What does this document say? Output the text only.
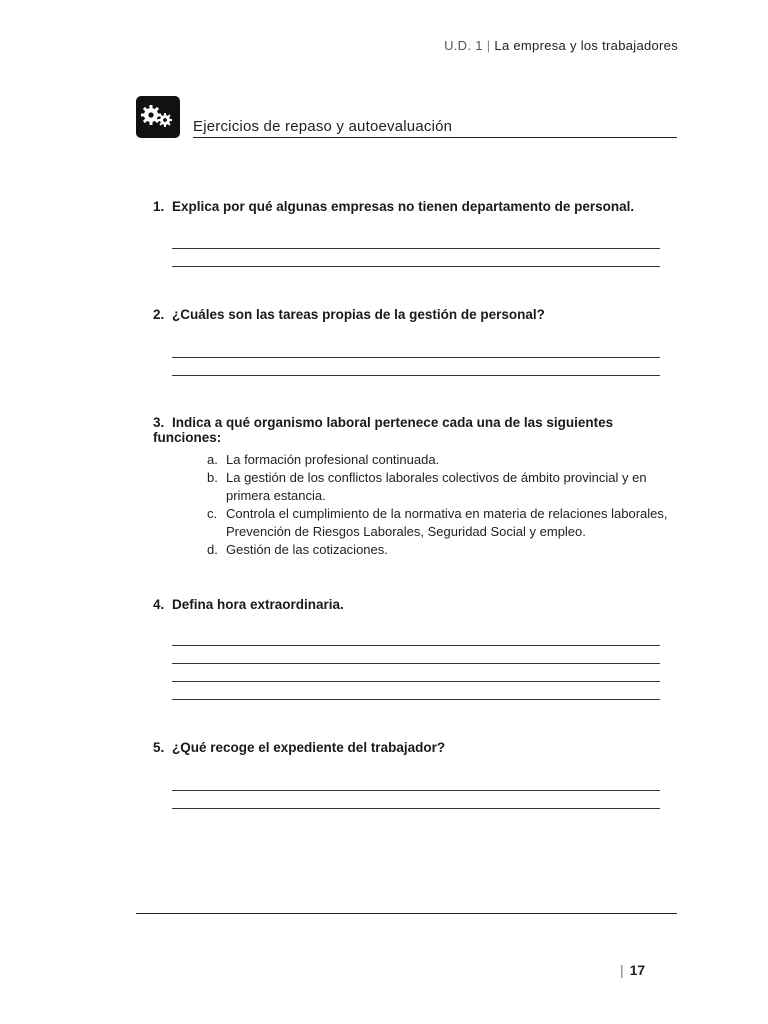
U.D. 1 | La empresa y los trabajadores
Ejercicios de repaso y autoevaluación
1. Explica por qué algunas empresas no tienen departamento de personal.
2. ¿Cuáles son las tareas propias de la gestión de personal?
3. Indica a qué organismo laboral pertenece cada una de las siguientes funciones:
a. La formación profesional continuada.
b. La gestión de los conflictos laborales colectivos de ámbito provincial y en primera estancia.
c. Controla el cumplimiento de la normativa en materia de relaciones laborales, Prevención de Riesgos Laborales, Seguridad Social y empleo.
d. Gestión de las cotizaciones.
4. Defina hora extraordinaria.
5. ¿Qué recoge el expediente del trabajador?
| 17
